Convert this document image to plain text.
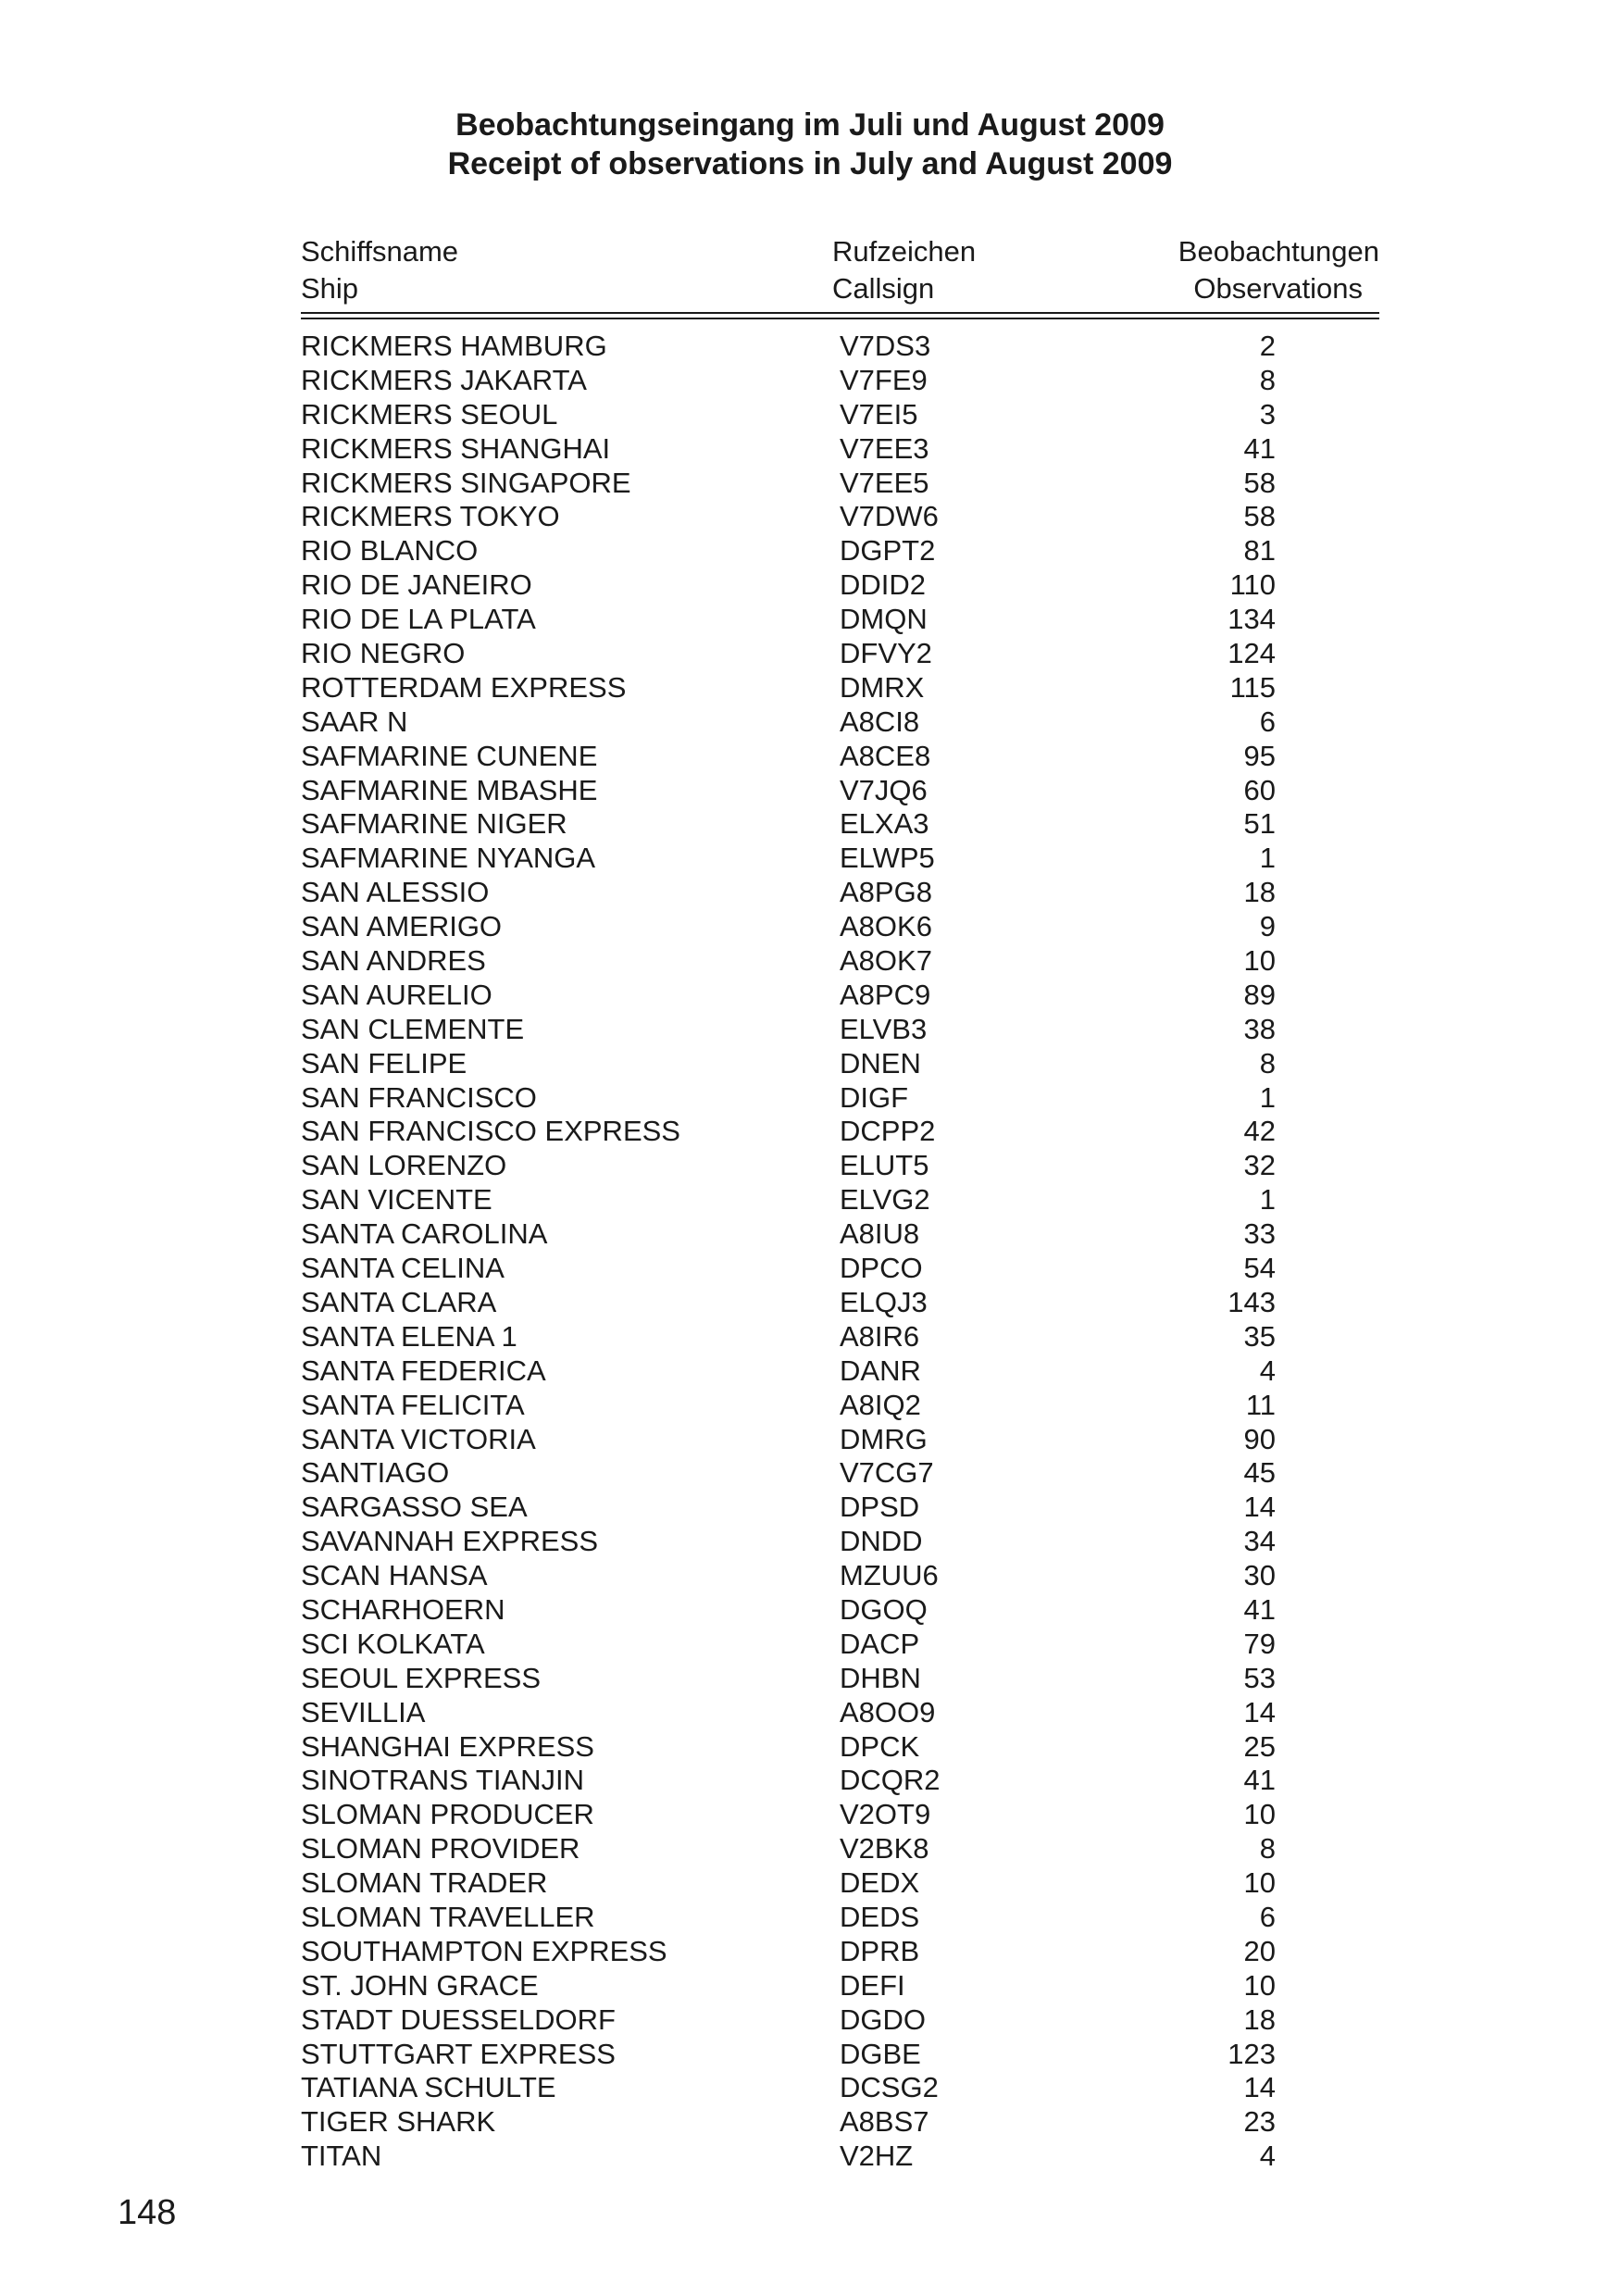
Beobachtungseingang im Juli und August 2009
Receipt of observations in July and August 2009
Schiffsname	Rufzeichen	Beobachtungen
Ship	Callsign	Observations
RICKMERS HAMBURG	V7DS3	2
RICKMERS JAKARTA	V7FE9	8
RICKMERS SEOUL	V7EI5	3
RICKMERS SHANGHAI	V7EE3	41
RICKMERS SINGAPORE	V7EE5	58
RICKMERS TOKYO	V7DW6	58
RIO BLANCO	DGPT2	81
RIO DE JANEIRO	DDID2	110
RIO DE LA PLATA	DMQN	134
RIO NEGRO	DFVY2	124
ROTTERDAM EXPRESS	DMRX	115
SAAR N	A8CI8	6
SAFMARINE CUNENE	A8CE8	95
SAFMARINE MBASHE	V7JQ6	60
SAFMARINE NIGER	ELXA3	51
SAFMARINE NYANGA	ELWP5	1
SAN ALESSIO	A8PG8	18
SAN AMERIGO	A8OK6	9
SAN ANDRES	A8OK7	10
SAN AURELIO	A8PC9	89
SAN CLEMENTE	ELVB3	38
SAN FELIPE	DNEN	8
SAN FRANCISCO	DIGF	1
SAN FRANCISCO EXPRESS	DCPP2	42
SAN LORENZO	ELUT5	32
SAN VICENTE	ELVG2	1
SANTA CAROLINA	A8IU8	33
SANTA CELINA	DPCO	54
SANTA CLARA	ELQJ3	143
SANTA ELENA 1	A8IR6	35
SANTA FEDERICA	DANR	4
SANTA FELICITA	A8IQ2	11
SANTA VICTORIA	DMRG	90
SANTIAGO	V7CG7	45
SARGASSO SEA	DPSD	14
SAVANNAH EXPRESS	DNDD	34
SCAN HANSA	MZUU6	30
SCHARHOERN	DGOQ	41
SCI KOLKATA	DACP	79
SEOUL EXPRESS	DHBN	53
SEVILLIA	A8OO9	14
SHANGHAI EXPRESS	DPCK	25
SINOTRANS TIANJIN	DCQR2	41
SLOMAN PRODUCER	V2OT9	10
SLOMAN PROVIDER	V2BK8	8
SLOMAN TRADER	DEDX	10
SLOMAN TRAVELLER	DEDS	6
SOUTHAMPTON EXPRESS	DPRB	20
ST. JOHN GRACE	DEFI	10
STADT DUESSELDORF	DGDO	18
STUTTGART EXPRESS	DGBE	123
TATIANA SCHULTE	DCSG2	14
TIGER SHARK	A8BS7	23
TITAN	V2HZ	4
148
